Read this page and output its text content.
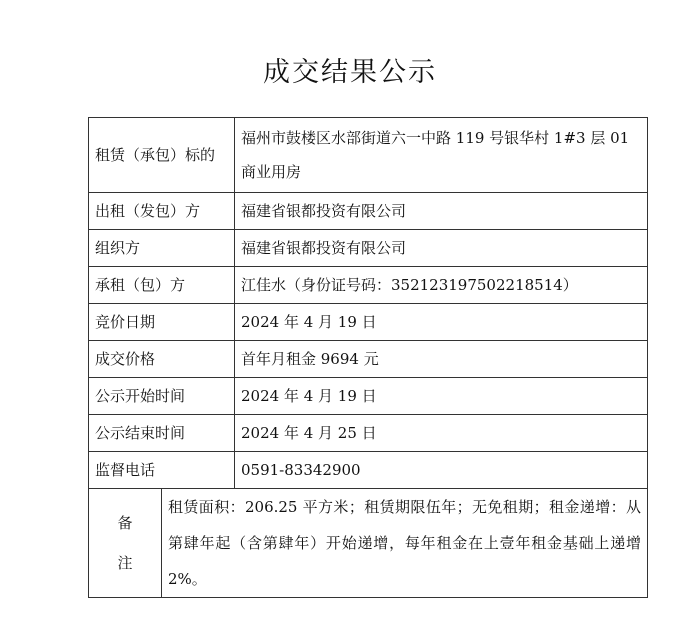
成交结果公示
租赁（承包）标的		福州市鼓楼区水部街道六一中路 119 号银华村 1#3 层 01 商业用房
出租（发包）方		福建省银都投资有限公司
组织方		福建省银都投资有限公司
承租（包）方		江佳水（身份证号码：352123197502218514）
竞价日期		2024 年 4 月 19 日
成交价格		首年月租金 9694 元
公示开始时间		2024 年 4 月 19 日
公示结束时间		2024 年 4 月 25 日
监督电话		0591-83342900

备
注	租赁面积：206.25 平方米；租赁期限伍年；无免租期；租金递增：从第肆年起（含第肆年）开始递增，每年租金在上壹年租金基础上递增 2%。	
